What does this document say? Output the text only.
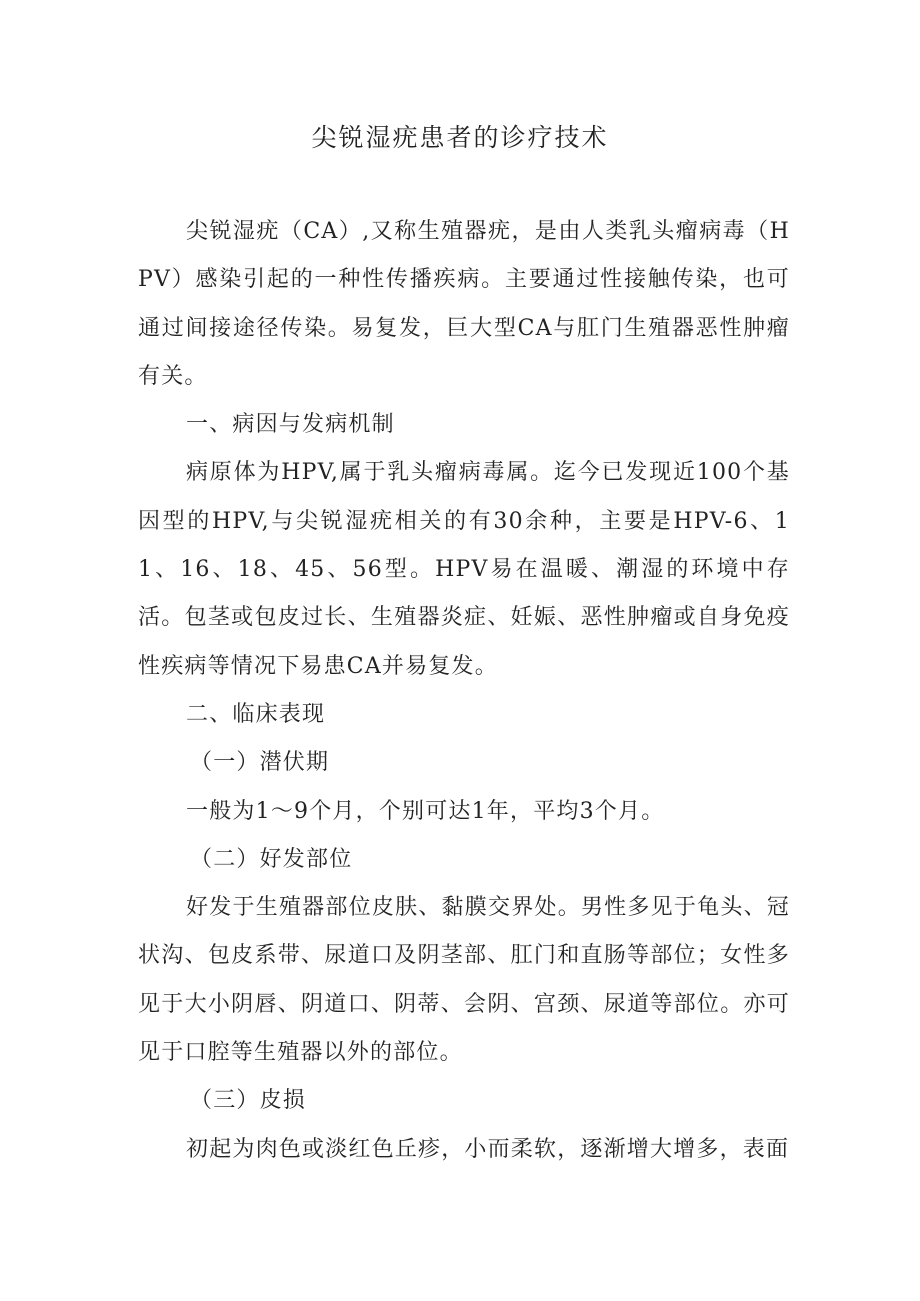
尖锐湿疣患者的诊疗技术

尖锐湿疣（CA）,又称生殖器疣，是由人类乳头瘤病毒（HPV）感染引起的一种性传播疾病。主要通过性接触传染，也可通过间接途径传染。易复发，巨大型CA与肛门生殖器恶性肿瘤有关。

一、病因与发病机制

病原体为HPV,属于乳头瘤病毒属。迄今已发现近100个基因型的HPV,与尖锐湿疣相关的有30余种，主要是HPV-6、11、16、18、45、56型。HPV易在温暖、潮湿的环境中存活。包茎或包皮过长、生殖器炎症、妊娠、恶性肿瘤或自身免疫性疾病等情况下易患CA并易复发。

二、临床表现

（一）潜伏期

一般为1～9个月，个别可达1年，平均3个月。

（二）好发部位

好发于生殖器部位皮肤、黏膜交界处。男性多见于龟头、冠状沟、包皮系带、尿道口及阴茎部、肛门和直肠等部位；女性多见于大小阴唇、阴道口、阴蒂、会阴、宫颈、尿道等部位。亦可见于口腔等生殖器以外的部位。

（三）皮损

初起为肉色或淡红色丘疹，小而柔软，逐渐增大增多，表面
